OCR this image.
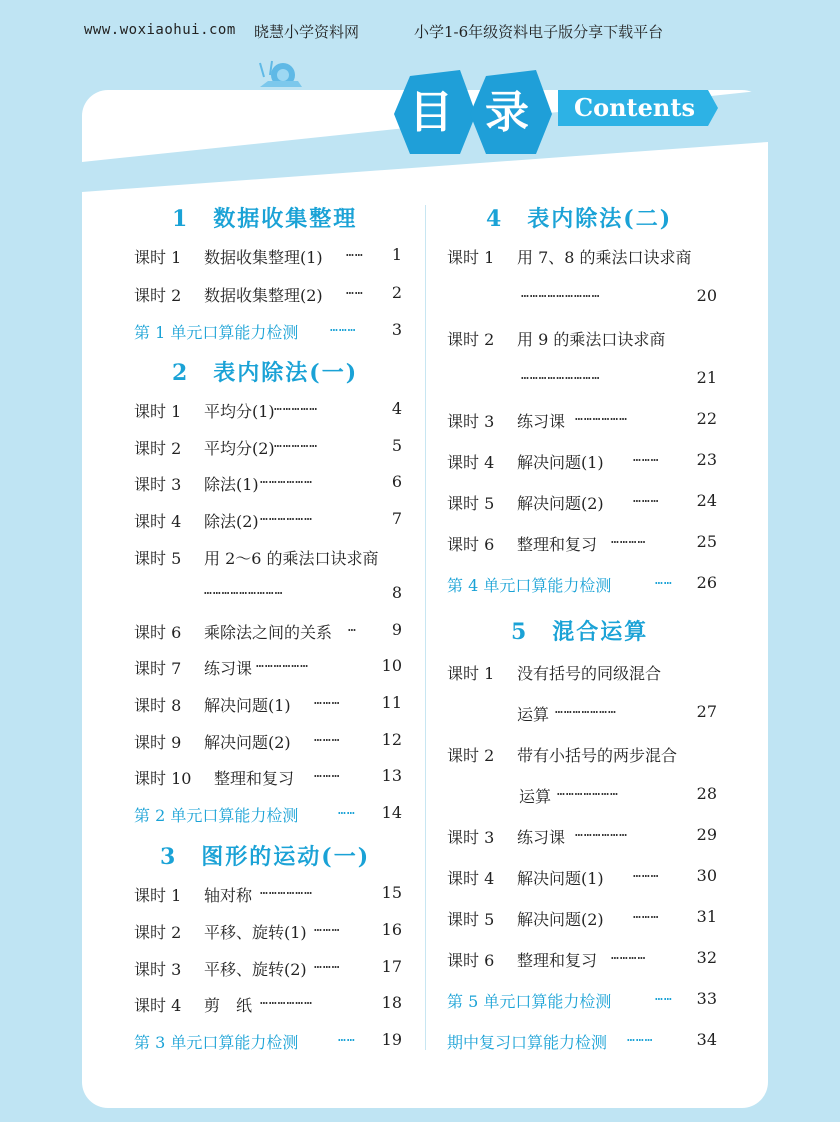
www.woxiaohui.com 晓慧小学资料网	小学1-6年级资料电子版分享下载平台
目 录	Contents
1　数据收集整理
课时 1 数据收集整理(1) ……	1
课时 2 数据收集整理(2) ……	2
第 1 单元口算能力检测 ………	3
2　表内除法(一)
课时 1 平均分(1) ……………	4
课时 2 平均分(2) ……………	5
课时 3 除法(1) ………………	6
课时 4 除法(2) ………………	7
课时 5 用 2～6 的乘法口诀求商
………………………	8
课时 6 乘除法之间的关系 …	9
课时 7 练习课 ………………	10
课时 8 解决问题(1) ………	11
课时 9 解决问题(2) ………	12
课时 10 整理和复习 ………	13
第 2 单元口算能力检测	……	14
3　图形的运动(一)
课时 1 轴对称 ………………	15
课时 2 平移、旋转(1) ………	16
课时 3 平移、旋转(2) ………	17
课时 4 剪　纸 ………………	18
第 3 单元口算能力检测	……	19
4　表内除法(二)
课时 1 用 7、8 的乘法口诀求商
………………………	20
课时 2 用 9 的乘法口诀求商
………………………	21
课时 3 练习课 ………………	22
课时 4 解决问题(1) ………	23
课时 5 解决问题(2) ………	24
课时 6 整理和复习 …………	25
第 4 单元口算能力检测	……	26
5　混合运算
课时 1 没有括号的同级混合
运算 …………………	27
课时 2 带有小括号的两步混合
运算 …………………	28
课时 3 练习课 ………………	29
课时 4 解决问题(1) ………	30
课时 5 解决问题(2) ………	31
课时 6 整理和复习 …………	32
第 5 单元口算能力检测	……	33
期中复习口算能力检测 ………	34
